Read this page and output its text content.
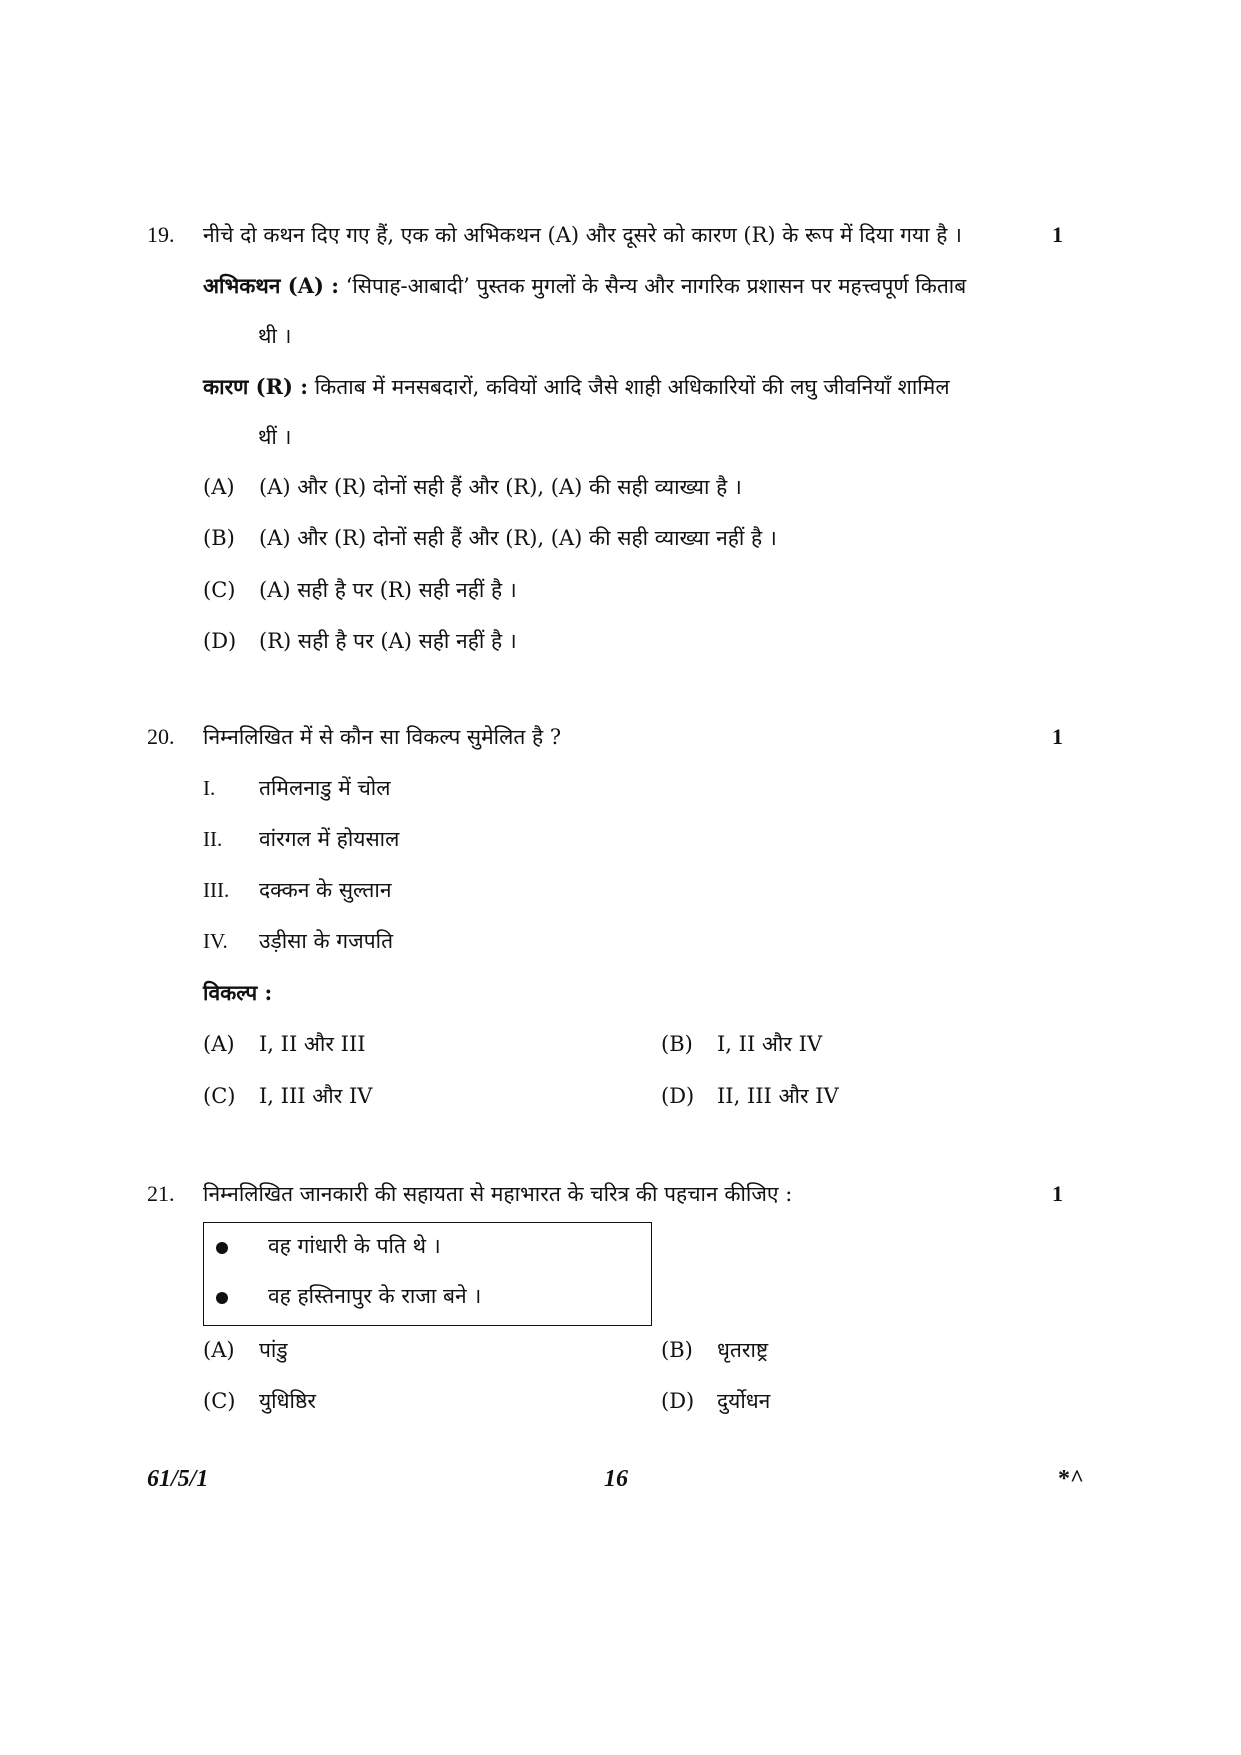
19. नीचे दो कथन दिए गए हैं, एक को अभिकथन (A) और दूसरे को कारण (R) के रूप में दिया गया है ।	1
अभिकथन (A) : ‘सिपाह-आबादी’ पुस्तक मुगलों के सैन्य और नागरिक प्रशासन पर महत्त्वपूर्ण किताब
थी ।
कारण (R) : किताब में मनसबदारों, कवियों आदि जैसे शाही अधिकारियों की लघु जीवनियाँ शामिल
थीं ।
(A) (A) और (R) दोनों सही हैं और (R), (A) की सही व्याख्या है ।
(B) (A) और (R) दोनों सही हैं और (R), (A) की सही व्याख्या नहीं है ।
(C) (A) सही है पर (R) सही नहीं है ।
(D) (R) सही है पर (A) सही नहीं है ।
20. निम्नलिखित में से कौन सा विकल्प सुमेलित है ?	1
I. तमिलनाडु में चोल
II. वांरगल में होयसाल
III. दक्कन के सुल्तान
IV. उड़ीसा के गजपति
विकल्प :
(A) I, II और III	(B) I, II और IV
(C) I, III और IV	(D) II, III और IV
21. निम्नलिखित जानकारी की सहायता से महाभारत के चरित्र की पहचान कीजिए :	1
वह गांधारी के पति थे ।
वह हस्तिनापुर के राजा बने ।
(A) पांडु	(B) धृतराष्ट्र
(C) युधिष्ठिर	(D) दुर्योधन
61/5/1	16	*^
